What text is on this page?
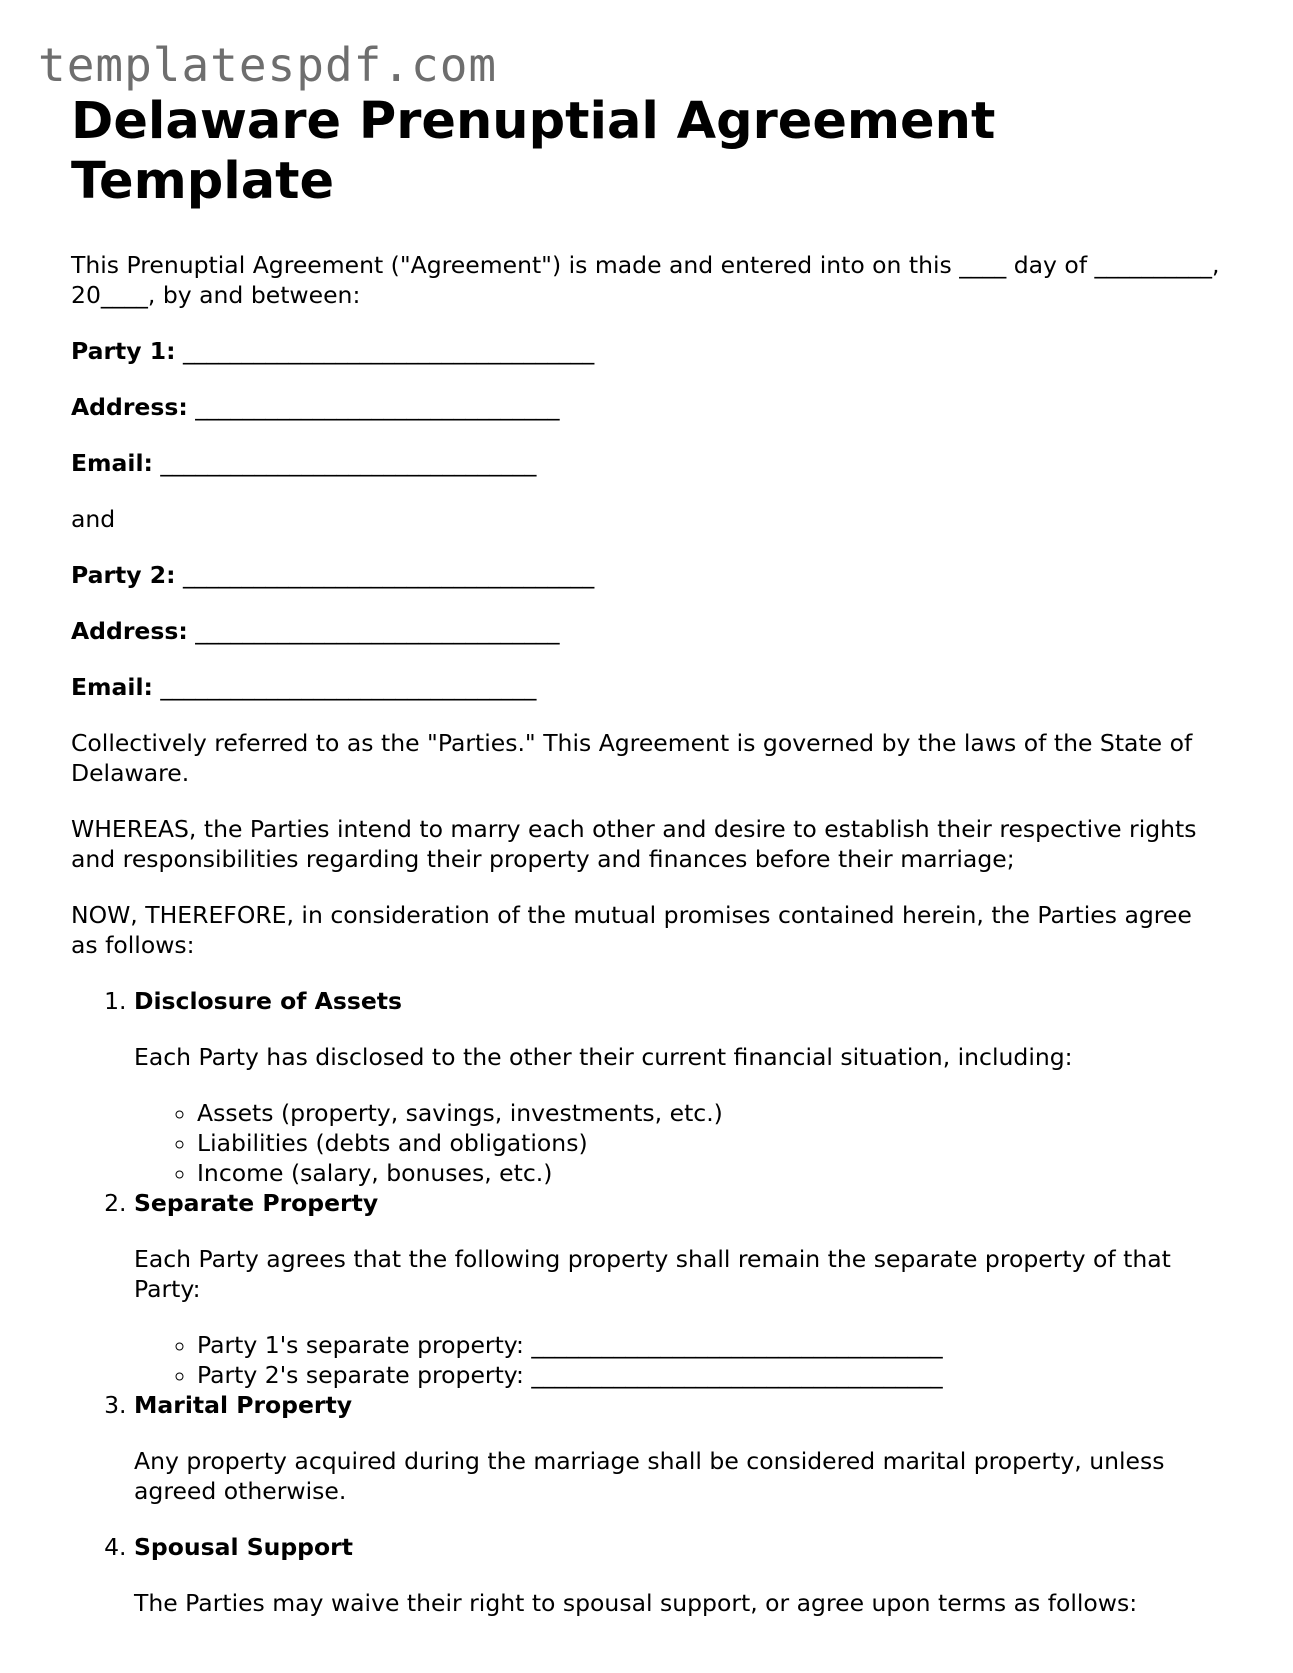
templatespdf.com
Delaware Prenuptial Agreement Template

This Prenuptial Agreement ("Agreement") is made and entered into on this ____ day of __________, 20____, by and between:

Party 1: ___________________________________
Address: _______________________________
Email: ________________________________

and

Party 2: ___________________________________
Address: _______________________________
Email: ________________________________

Collectively referred to as the "Parties." This Agreement is governed by the laws of the State of Delaware.

WHEREAS, the Parties intend to marry each other and desire to establish their respective rights and responsibilities regarding their property and finances before their marriage;

NOW, THEREFORE, in consideration of the mutual promises contained herein, the Parties agree as follows:

1. Disclosure of Assets

Each Party has disclosed to the other their current financial situation, including:

◦ Assets (property, savings, investments, etc.)
◦ Liabilities (debts and obligations)
◦ Income (salary, bonuses, etc.)
2. Separate Property

Each Party agrees that the following property shall remain the separate property of that Party:

◦ Party 1's separate property: ___________________________________
◦ Party 2's separate property: ___________________________________
3. Marital Property

Any property acquired during the marriage shall be considered marital property, unless agreed otherwise.

4. Spousal Support

The Parties may waive their right to spousal support, or agree upon terms as follows:
